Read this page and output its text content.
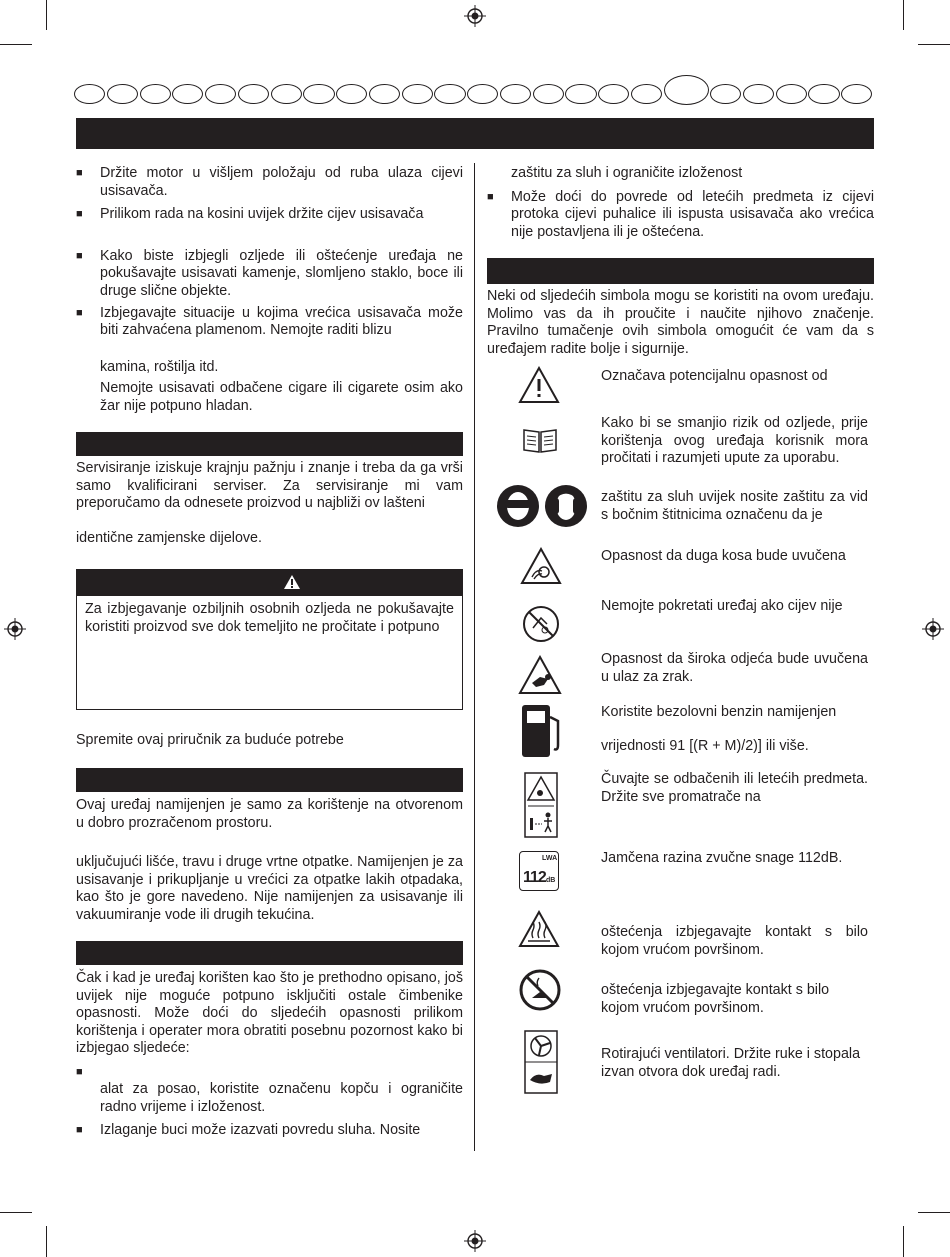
■ Držite motor u višljem položaju od ruba ulaza cijevi usisavača.
■ Prilikom rada na kosini uvijek držite cijev usisavača
■ Kako biste izbjegli ozljede ili oštećenje uređaja ne pokušavajte usisavati kamenje, slomljeno staklo, boce ili druge slične objekte.
■ Izbjegavajte situacije u kojima vrećica usisavača može biti zahvaćena plamenom. Nemojte raditi blizu
kamina, roštilja itd.
Nemojte usisavati odbačene cigare ili cigarete osim ako žar nije potpuno hladan.
Servisiranje iziskuje krajnju pažnju i znanje i treba da ga vrši samo kvalificirani serviser. Za servisiranje mi vam preporučamo da odnesete proizvod u najbliži ov lašteni
identične zamjenske dijelove.
Za izbjegavanje ozbiljnih osobnih ozljeda ne pokušavajte koristiti proizvod sve dok temeljito ne pročitate i potpuno
Spremite ovaj priručnik za buduće potrebe
Ovaj uređaj namijenjen je samo za korištenje na otvorenom u dobro prozračenom prostoru.
uključujući lišće, travu i druge vrtne otpatke. Namijenjen je za usisavanje i prikupljanje u vrećici za otpatke lakih otpadaka, kao što je gore navedeno. Nije namijenjen za usisavanje ili vakuumiranje vode ili drugih tekućina.
Čak i kad je uređaj korišten kao što je prethodno opisano, još uvijek nije moguće potpuno isključiti ostale čimbenike opasnosti. Može doći do sljedećih opasnosti prilikom korištenja i operater mora obratiti posebnu pozornost kako bi izbjegao sljedeće:
■
alat za posao, koristite označenu kopču i ograničite radno vrijeme i izloženost.
■ Izlaganje buci može izazvati povredu sluha. Nosite
zaštitu za sluh i ograničite izloženost
■ Može doći do povrede od letećih predmeta iz cijevi protoka cijevi puhalice ili ispusta usisavača ako vrećica nije postavljena ili je oštećena.
Neki od sljedećih simbola mogu se koristiti na ovom uređaju. Molimo vas da ih proučite i naučite njihovo značenje. Pravilno tumačenje ovih simbola omogućit će vam da s uređajem radite bolje i sigurnije.
LWA
112 dB
Označava potencijalnu opasnost od
Kako bi se smanjio rizik od ozljede, prije korištenja ovog uređaja korisnik mora pročitati i razumjeti upute za uporabu.
zaštitu za sluh uvijek nosite zaštitu za vid s bočnim štitnicima označenu da je
Opasnost da duga kosa bude uvučena
Nemojte pokretati uređaj ako cijev nije
Opasnost da široka odjeća bude uvučena u ulaz za zrak.
Koristite bezolovni benzin namijenjen
vrijednosti 91 [(R + M)/2)] ili više.
Čuvajte se odbačenih ili letećih predmeta. Držite sve promatrače na
Jamčena razina zvučne snage 112dB.
oštećenja izbjegavajte kontakt s bilo kojom vrućom površinom.
oštećenja izbjegavajte kontakt s bilo kojom vrućom površinom.
Rotirajući ventilatori. Držite ruke i stopala izvan otvora dok uređaj radi.
